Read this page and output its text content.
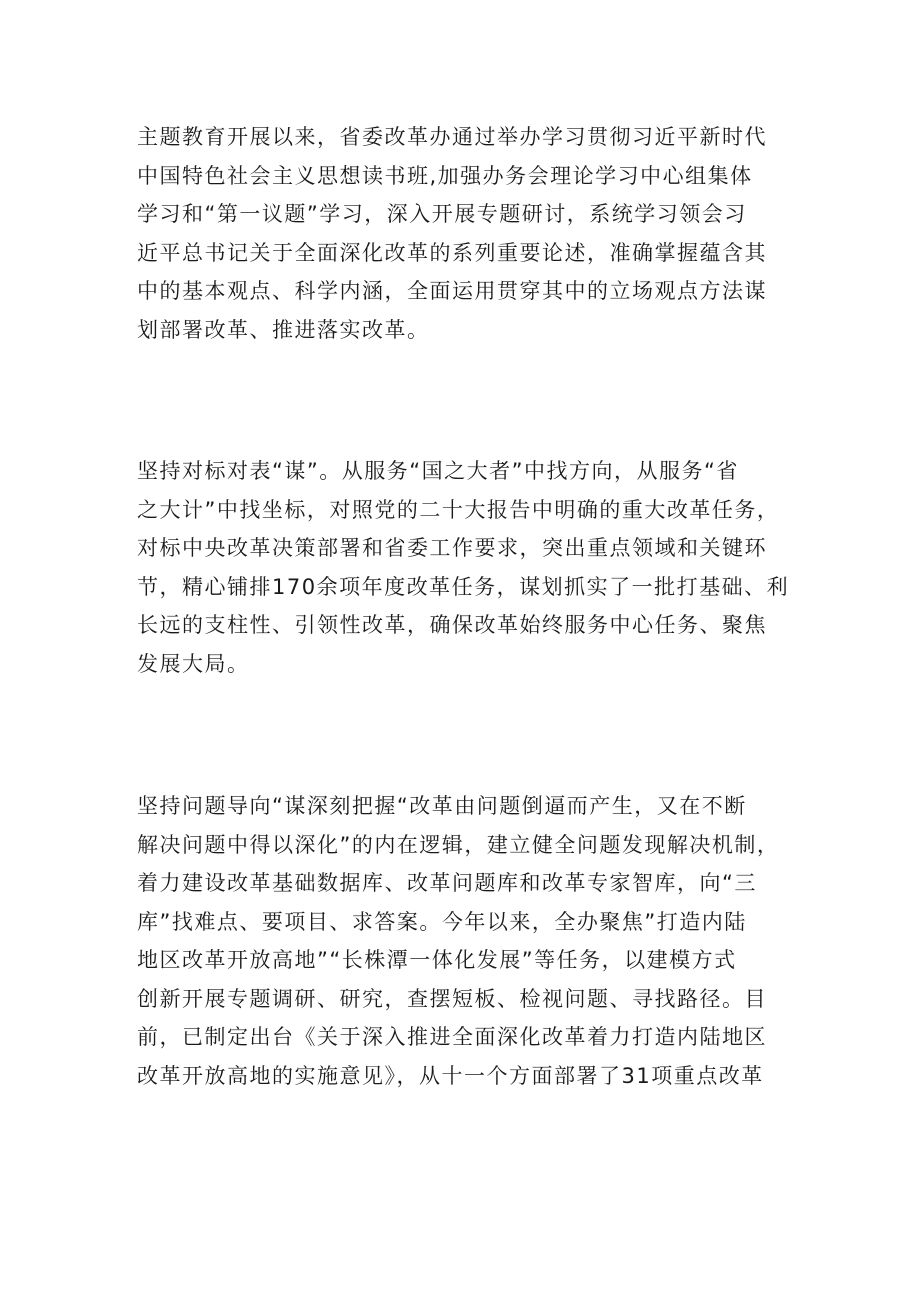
主题教育开展以来，省委改革办通过举办学习贯彻习近平新时代
中国特色社会主义思想读书班,加强办务会理论学习中心组集体
学习和“第一议题”学习，深入开展专题研讨，系统学习领会习
近平总书记关于全面深化改革的系列重要论述，准确掌握蕴含其
中的基本观点、科学内涵，全面运用贯穿其中的立场观点方法谋
划部署改革、推进落实改革。

坚持对标对表“谋”。从服务“国之大者”中找方向，从服务“省
之大计”中找坐标，对照党的二十大报告中明确的重大改革任务，
对标中央改革决策部署和省委工作要求，突出重点领域和关键环
节，精心铺排170余项年度改革任务，谋划抓实了一批打基础、利
长远的支柱性、引领性改革，确保改革始终服务中心任务、聚焦
发展大局。

坚持问题导向“谋深刻把握“改革由问题倒逼而产生，又在不断
解决问题中得以深化”的内在逻辑，建立健全问题发现解决机制，
着力建设改革基础数据库、改革问题库和改革专家智库，向“三
库”找难点、要项目、求答案。今年以来，全办聚焦”打造内陆
地区改革开放高地”“长株潭一体化发展”等任务，以建模方式
创新开展专题调研、研究，查摆短板、检视问题、寻找路径。目
前，已制定出台《关于深入推进全面深化改革着力打造内陆地区
改革开放高地的实施意见》，从十一个方面部署了31项重点改革
